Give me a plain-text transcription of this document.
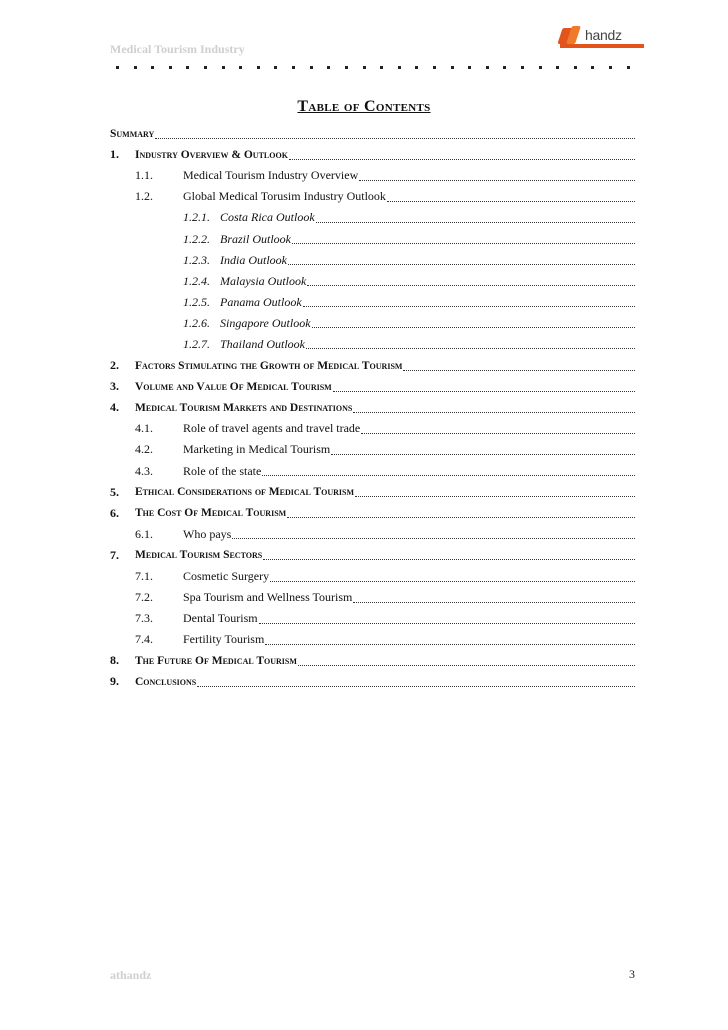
Medical Tourism Industry
handz
Table of Contents
Summary
1.	Industry Overview & Outlook
1.1.	Medical Tourism Industry Overview
1.2.	Global Medical Torusim Industry Outlook
1.2.1. Costa Rica Outlook
1.2.2. Brazil Outlook
1.2.3. India Outlook
1.2.4. Malaysia Outlook
1.2.5. Panama Outlook
1.2.6. Singapore Outlook
1.2.7. Thailand Outlook
2.	Factors Stimulating the Growth of Medical Tourism
3.	Volume and Value Of Medical Tourism
4.	Medical Tourism Markets and Destinations
4.1.	Role of travel agents and travel trade
4.2.	Marketing in Medical Tourism
4.3.	Role of the state
5.	Ethical Considerations of Medical Tourism
6.	The Cost Of Medical Tourism
6.1.	Who pays
7.	Medical Tourism Sectors
7.1.	Cosmetic Surgery
7.2.	Spa Tourism and Wellness Tourism
7.3.	Dental Tourism
7.4.	Fertility Tourism
8.	The Future Of Medical Tourism
9.	Conclusions
athandz	3
